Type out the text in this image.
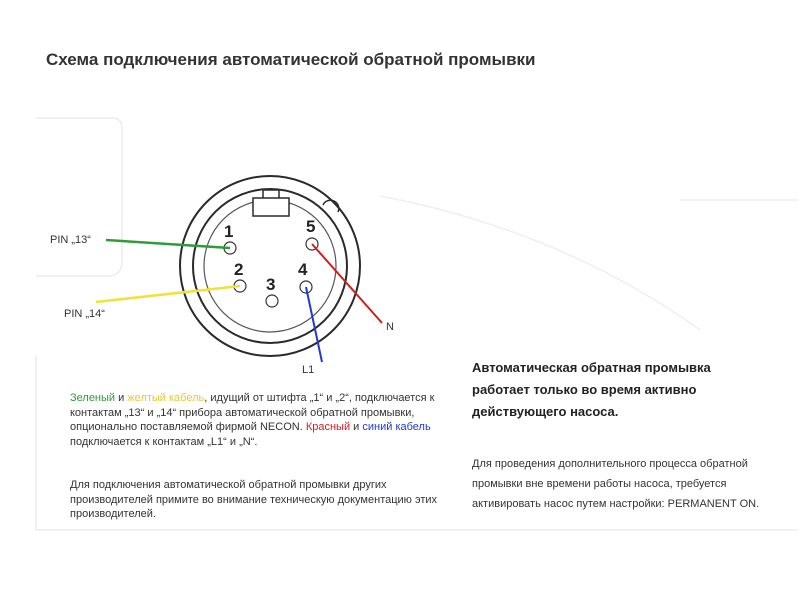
Схема подключения автоматической обратной промывки
1
2
3
4
5
PIN „13“
PIN „14“
N
L1
Зеленый и желтый кабель, идущий от штифта „1“ и „2“, подключается к контактам „13“ и „14“ прибора автоматической обратной промывки, опционально поставляемой фирмой NECON. Красный и синий кабель подключается к контактам „L1“ и „N“.
Для подключения автоматической обратной промывки других производителей примите во внимание техническую документацию этих производителей.
Автоматическая обратная промывка работает только во время активно действующего насоса.
Для проведения дополнительного процесса обратной промывки вне времени работы насоса, требуется активировать насос путем настройки: PERMANENT ON.
